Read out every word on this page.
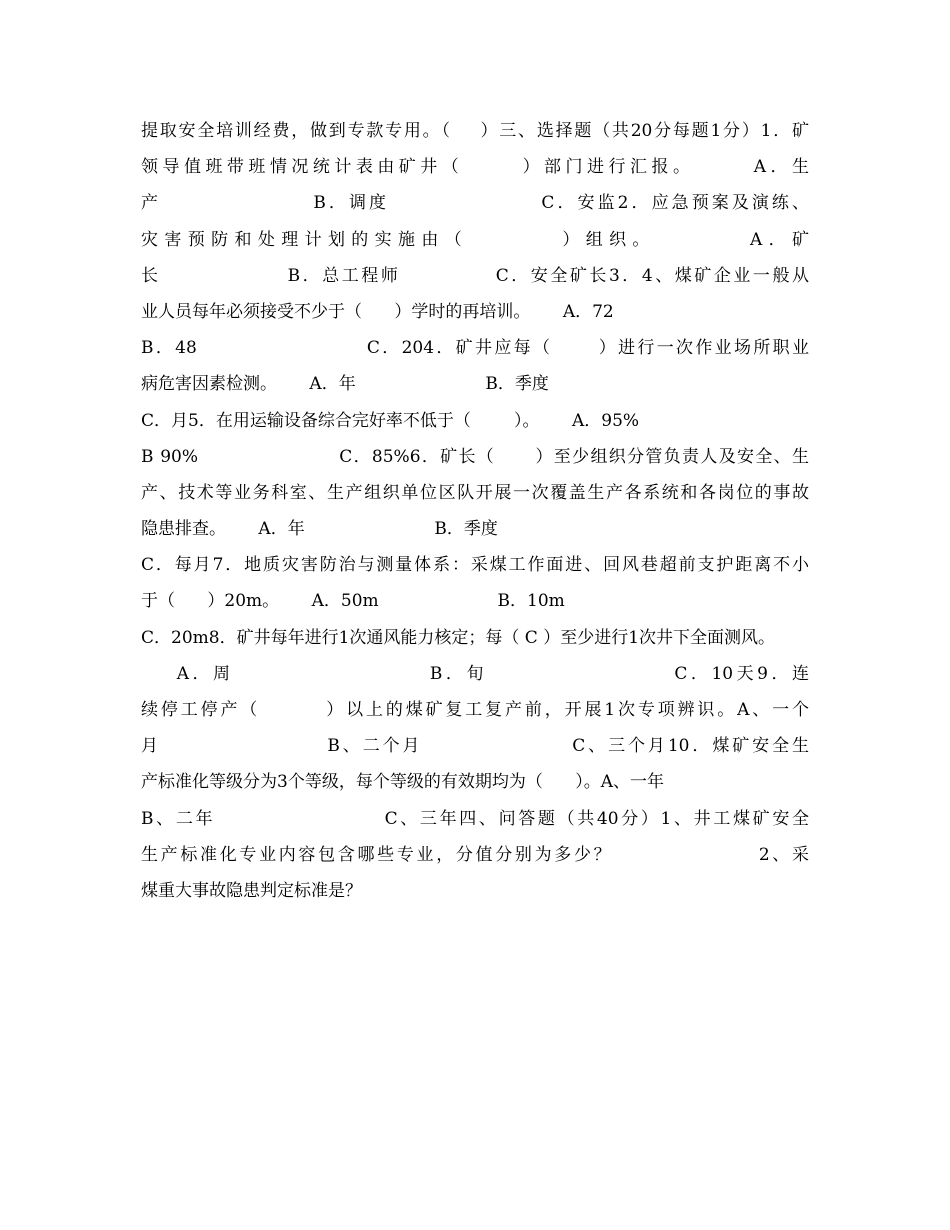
提取安全培训经费，做到专款专用。（    ）三、选择题（共20分每题1分）1．矿
领导值班带班情况统计表由矿井（      ）部门进行汇报。      A．生
产                  B．调度                  C．安监2．应急预案及演练、
灾害预防和处理计划的实施由（        ）组织。        A．矿
长                B．总工程师            C．安全矿长3．4、煤矿企业一般从
业人员每年必须接受不少于（      ）学时的再培训。      A．72
B．48                      C．204．矿井应每（      ）进行一次作业场所职业
病危害因素检测。      A．年                        B．季度
C．月5．在用运输设备综合完好率不低于（        ）。      A．95%
B 90%                     C．85%6．矿长（      ）至少组织分管负责人及安全、生
产、技术等业务科室、生产组织单位区队开展一次覆盖生产各系统和各岗位的事故
隐患排查。      A．年                        B．季度
C．每月7．地质灾害防治与测量体系：采煤工作面进、回风巷超前支护距离不小
于（      ）20m。      A．50m                      B．10m
C．20m8．矿井每年进行1次通风能力核定；每（ C ）至少进行1次井下全面测风。
A．周                      B．旬                     C．10天9．连
续停工停产（        ）以上的煤矿复工复产前，开展1次专项辨识。A、一个
月                    B、二个月                  C、三个月10．煤矿安全生
产标准化等级分为3个等级，每个等级的有效期均为（      ）。A、一年
B、二年                     C、三年四、问答题（共40分）1、井工煤矿安全
生产标准化专业内容包含哪些专业，分值分别为多少？                  2、采
煤重大事故隐患判定标准是？
